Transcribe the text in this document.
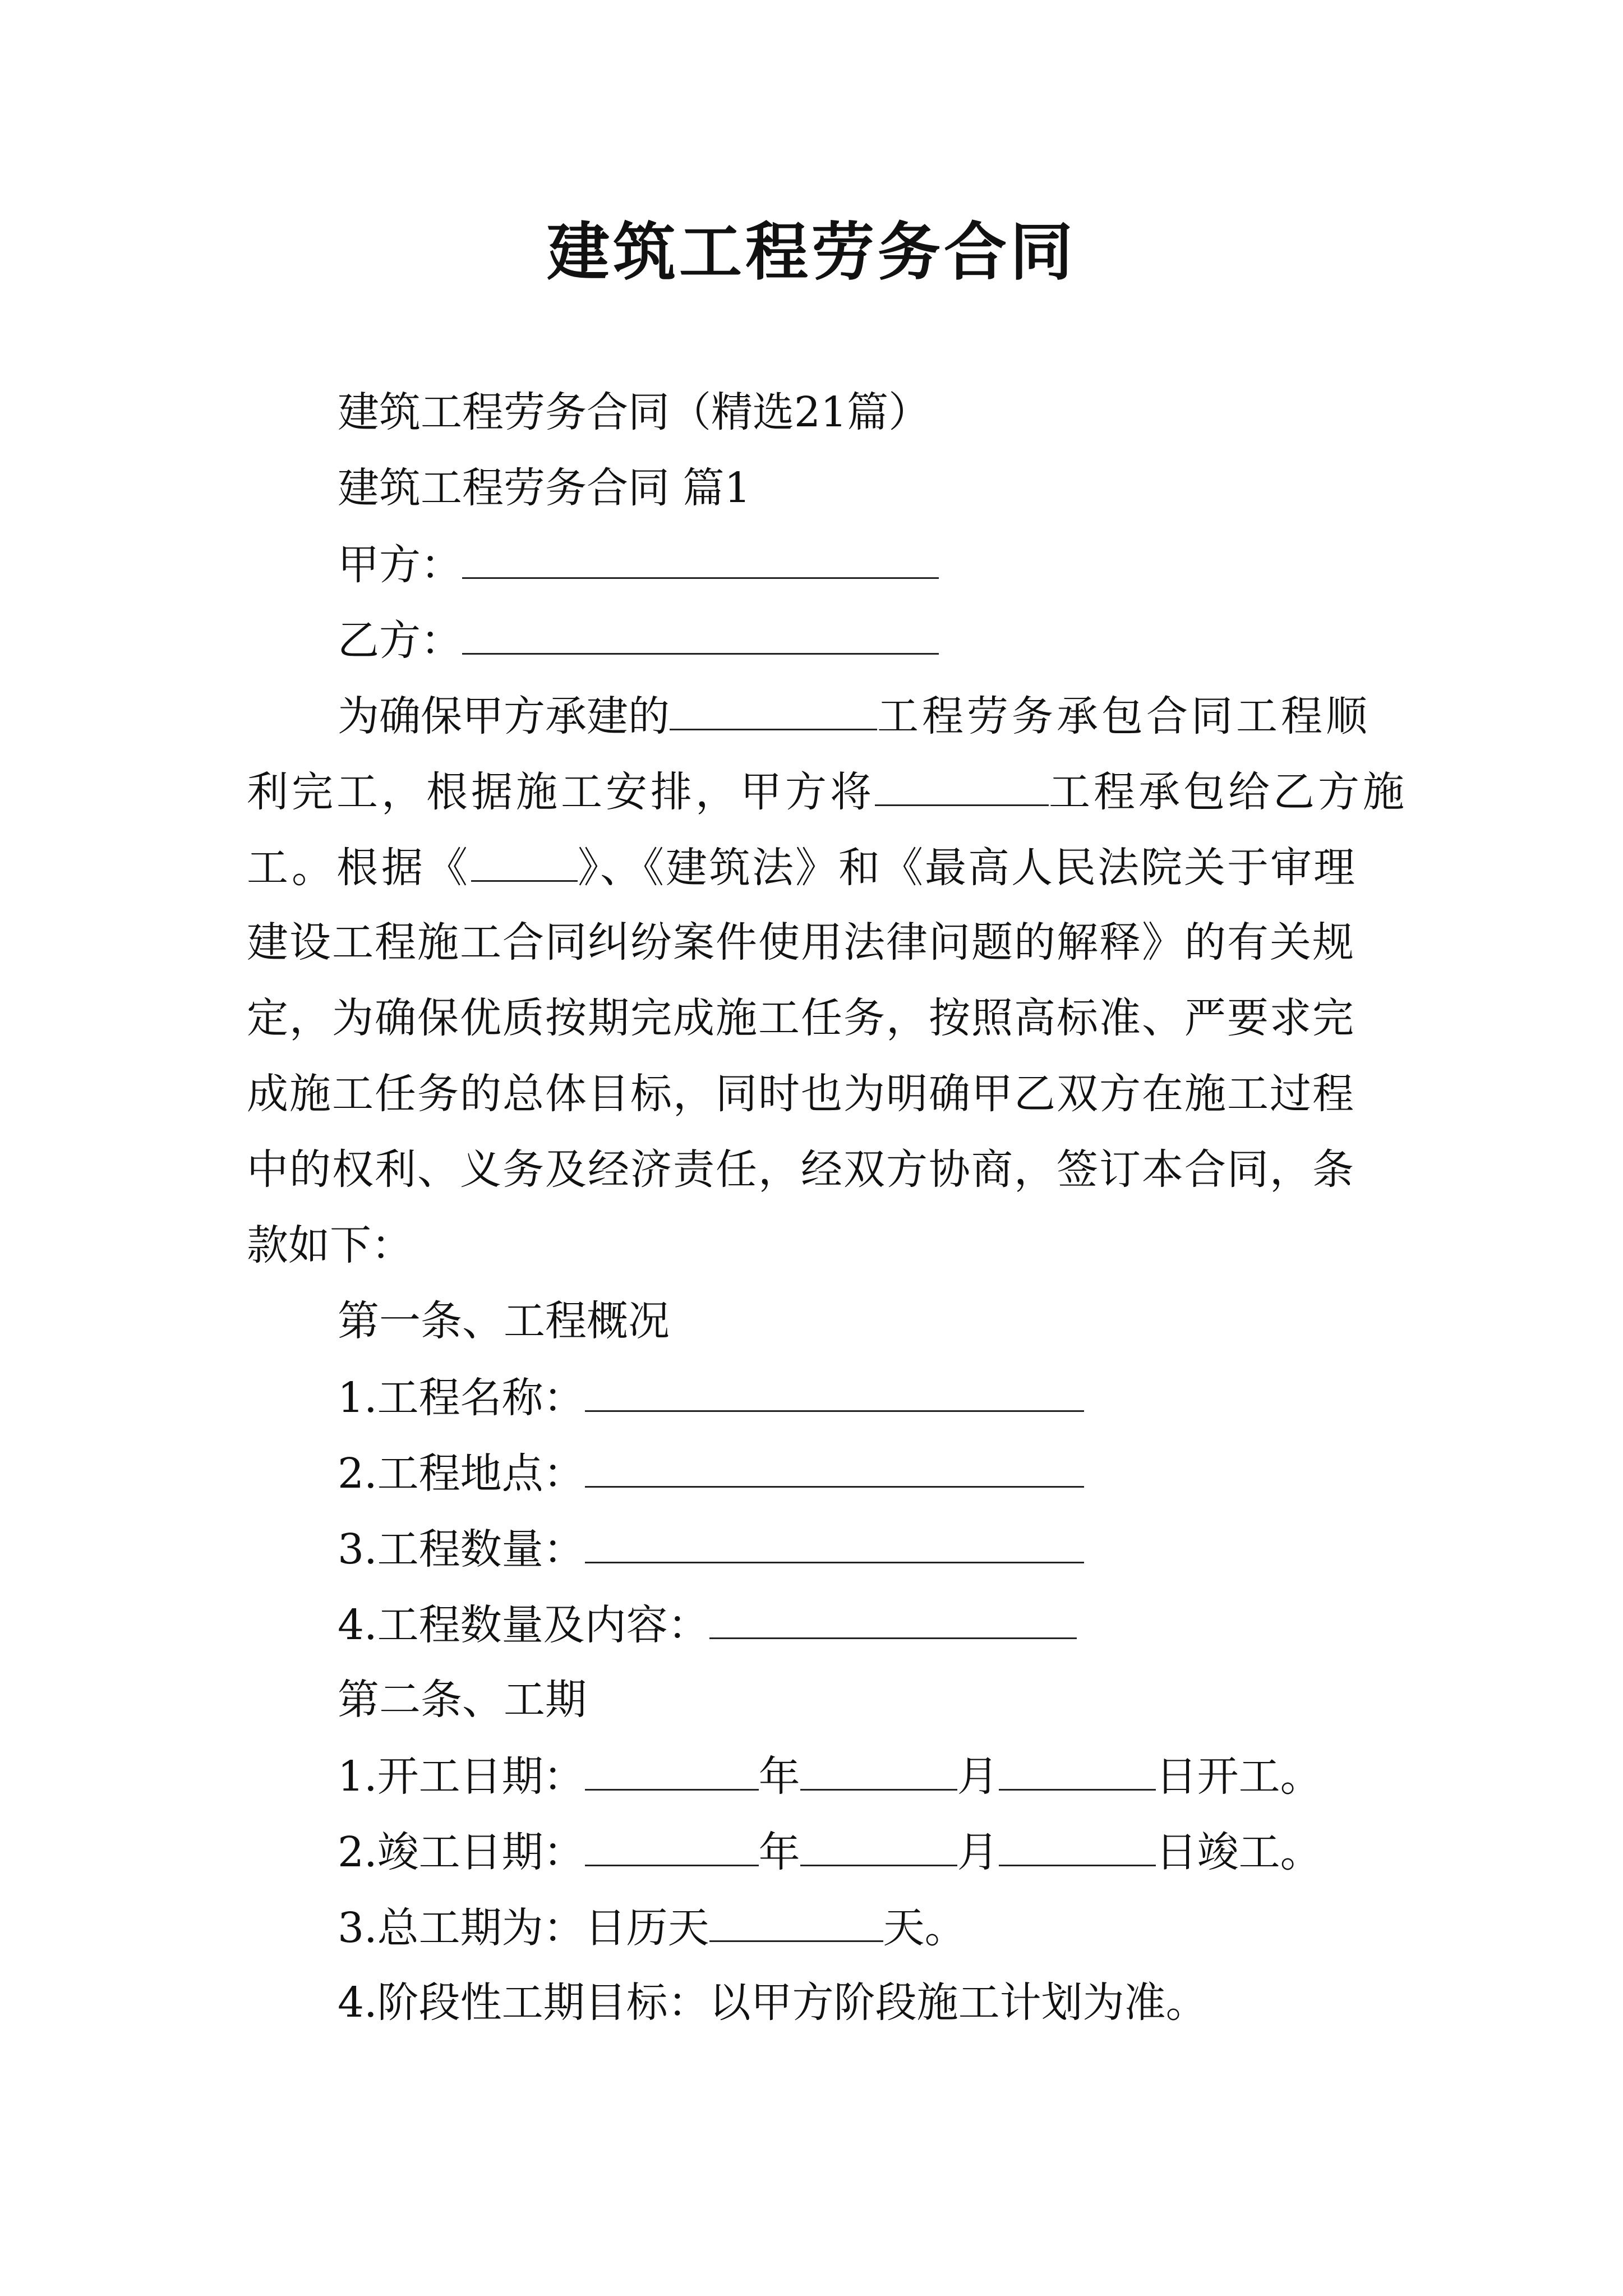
建筑工程劳务合同
建筑工程劳务合同（精选21篇）
建筑工程劳务合同 篇1
甲方：
乙方：
为确保甲方承建的	工程劳务承包合同工程顺
利完工，根据施工安排，甲方将	工程承包给乙方施
工。根据《	》、《建筑法》和《最高人民法院关于审理
建设工程施工合同纠纷案件使用法律问题的解释》的有关规
定，为确保优质按期完成施工任务，按照高标准、严要求完
成施工任务的总体目标，同时也为明确甲乙双方在施工过程
中的权利、义务及经济责任，经双方协商，签订本合同，条
款如下：
第一条、工程概况
1.工程名称：
2.工程地点：
3.工程数量：
4.工程数量及内容：
第二条、工期
1.开工日期：	年	月	日开工。
2.竣工日期：	年	月	日竣工。
3.总工期为：日历天	天。
4.阶段性工期目标：以甲方阶段施工计划为准。
